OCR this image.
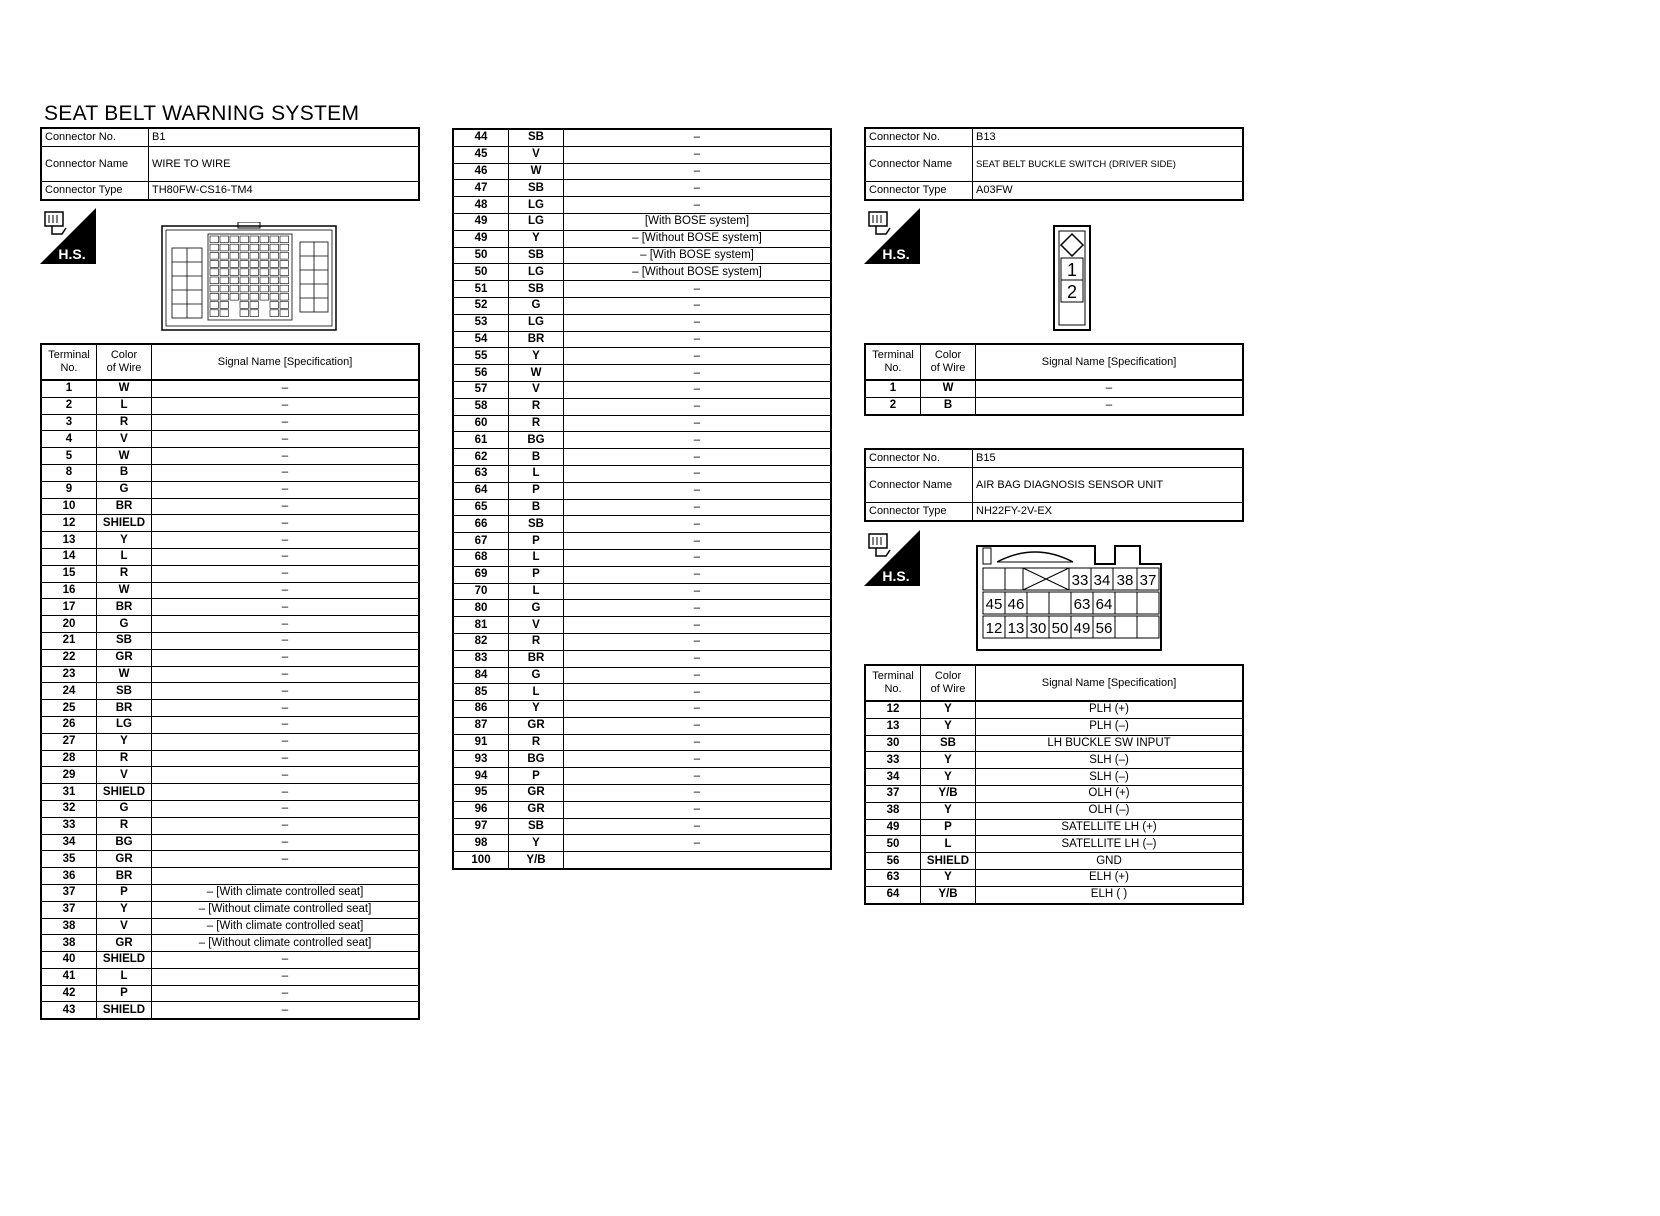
SEAT BELT WARNING SYSTEM
Connector No.	B1
Connector Name	WIRE TO WIRE
Connector Type	TH80FW-CS16-TM4
H.S.
Terminal
No.	Color
of Wire	Signal Name [Specification]
1	W	–
2	L	–
3	R	–
4	V	–
5	W	–
8	B	–
9	G	–
10	BR	–
12	SHIELD	–
13	Y	–
14	L	–
15	R	–
16	W	–
17	BR	–
20	G	–
21	SB	–
22	GR	–
23	W	–
24	SB	–
25	BR	–
26	LG	–
27	Y	–
28	R	–
29	V	–
31	SHIELD	–
32	G	–
33	R	–
34	BG	–
35	GR	–
36	BR	
37	P	– [With climate controlled seat]
37	Y	– [Without climate controlled seat]
38	V	– [With climate controlled seat]
38	GR	– [Without climate controlled seat]
40	SHIELD	–
41	L	–
42	P	–
43	SHIELD	–
44	SB	–
45	V	–
46	W	–
47	SB	–
48	LG	–
49	LG	[With BOSE system]
49	Y	– [Without BOSE system]
50	SB	– [With BOSE system]
50	LG	– [Without BOSE system]
51	SB	–
52	G	–
53	LG	–
54	BR	–
55	Y	–
56	W	–
57	V	–
58	R	–
60	R	–
61	BG	–
62	B	–
63	L	–
64	P	–
65	B	–
66	SB	–
67	P	–
68	L	–
69	P	–
70	L	–
80	G	–
81	V	–
82	R	–
83	BR	–
84	G	–
85	L	–
86	Y	–
87	GR	–
91	R	–
93	BG	–
94	P	–
95	GR	–
96	GR	–
97	SB	–
98	Y	–
100	Y/B	
Connector No.	B13
Connector Name	SEAT BELT BUCKLE SWITCH (DRIVER SIDE)
Connector Type	A03FW
H.S.
1
2
Terminal
No.	Color
of Wire	Signal Name [Specification]
1	W	–
2	B	–
Connector No.	B15
Connector Name	AIR BAG DIAGNOSIS SENSOR UNIT
Connector Type	NH22FY-2V-EX
H.S.	33 34 38 37
45 46	63 64
12 13 30 50 49 56
Terminal
No.	Color
of Wire	Signal Name [Specification]
12	Y	PLH (+)
13	Y	PLH (–)
30	SB	LH BUCKLE SW INPUT
33	Y	SLH (–)
34	Y	SLH (–)
37	Y/B	OLH (+)
38	Y	OLH (–)
49	P	SATELLITE LH (+)
50	L	SATELLITE LH (–)
56	SHIELD	GND
63	Y	ELH (+)
64	Y/B	ELH ( )
